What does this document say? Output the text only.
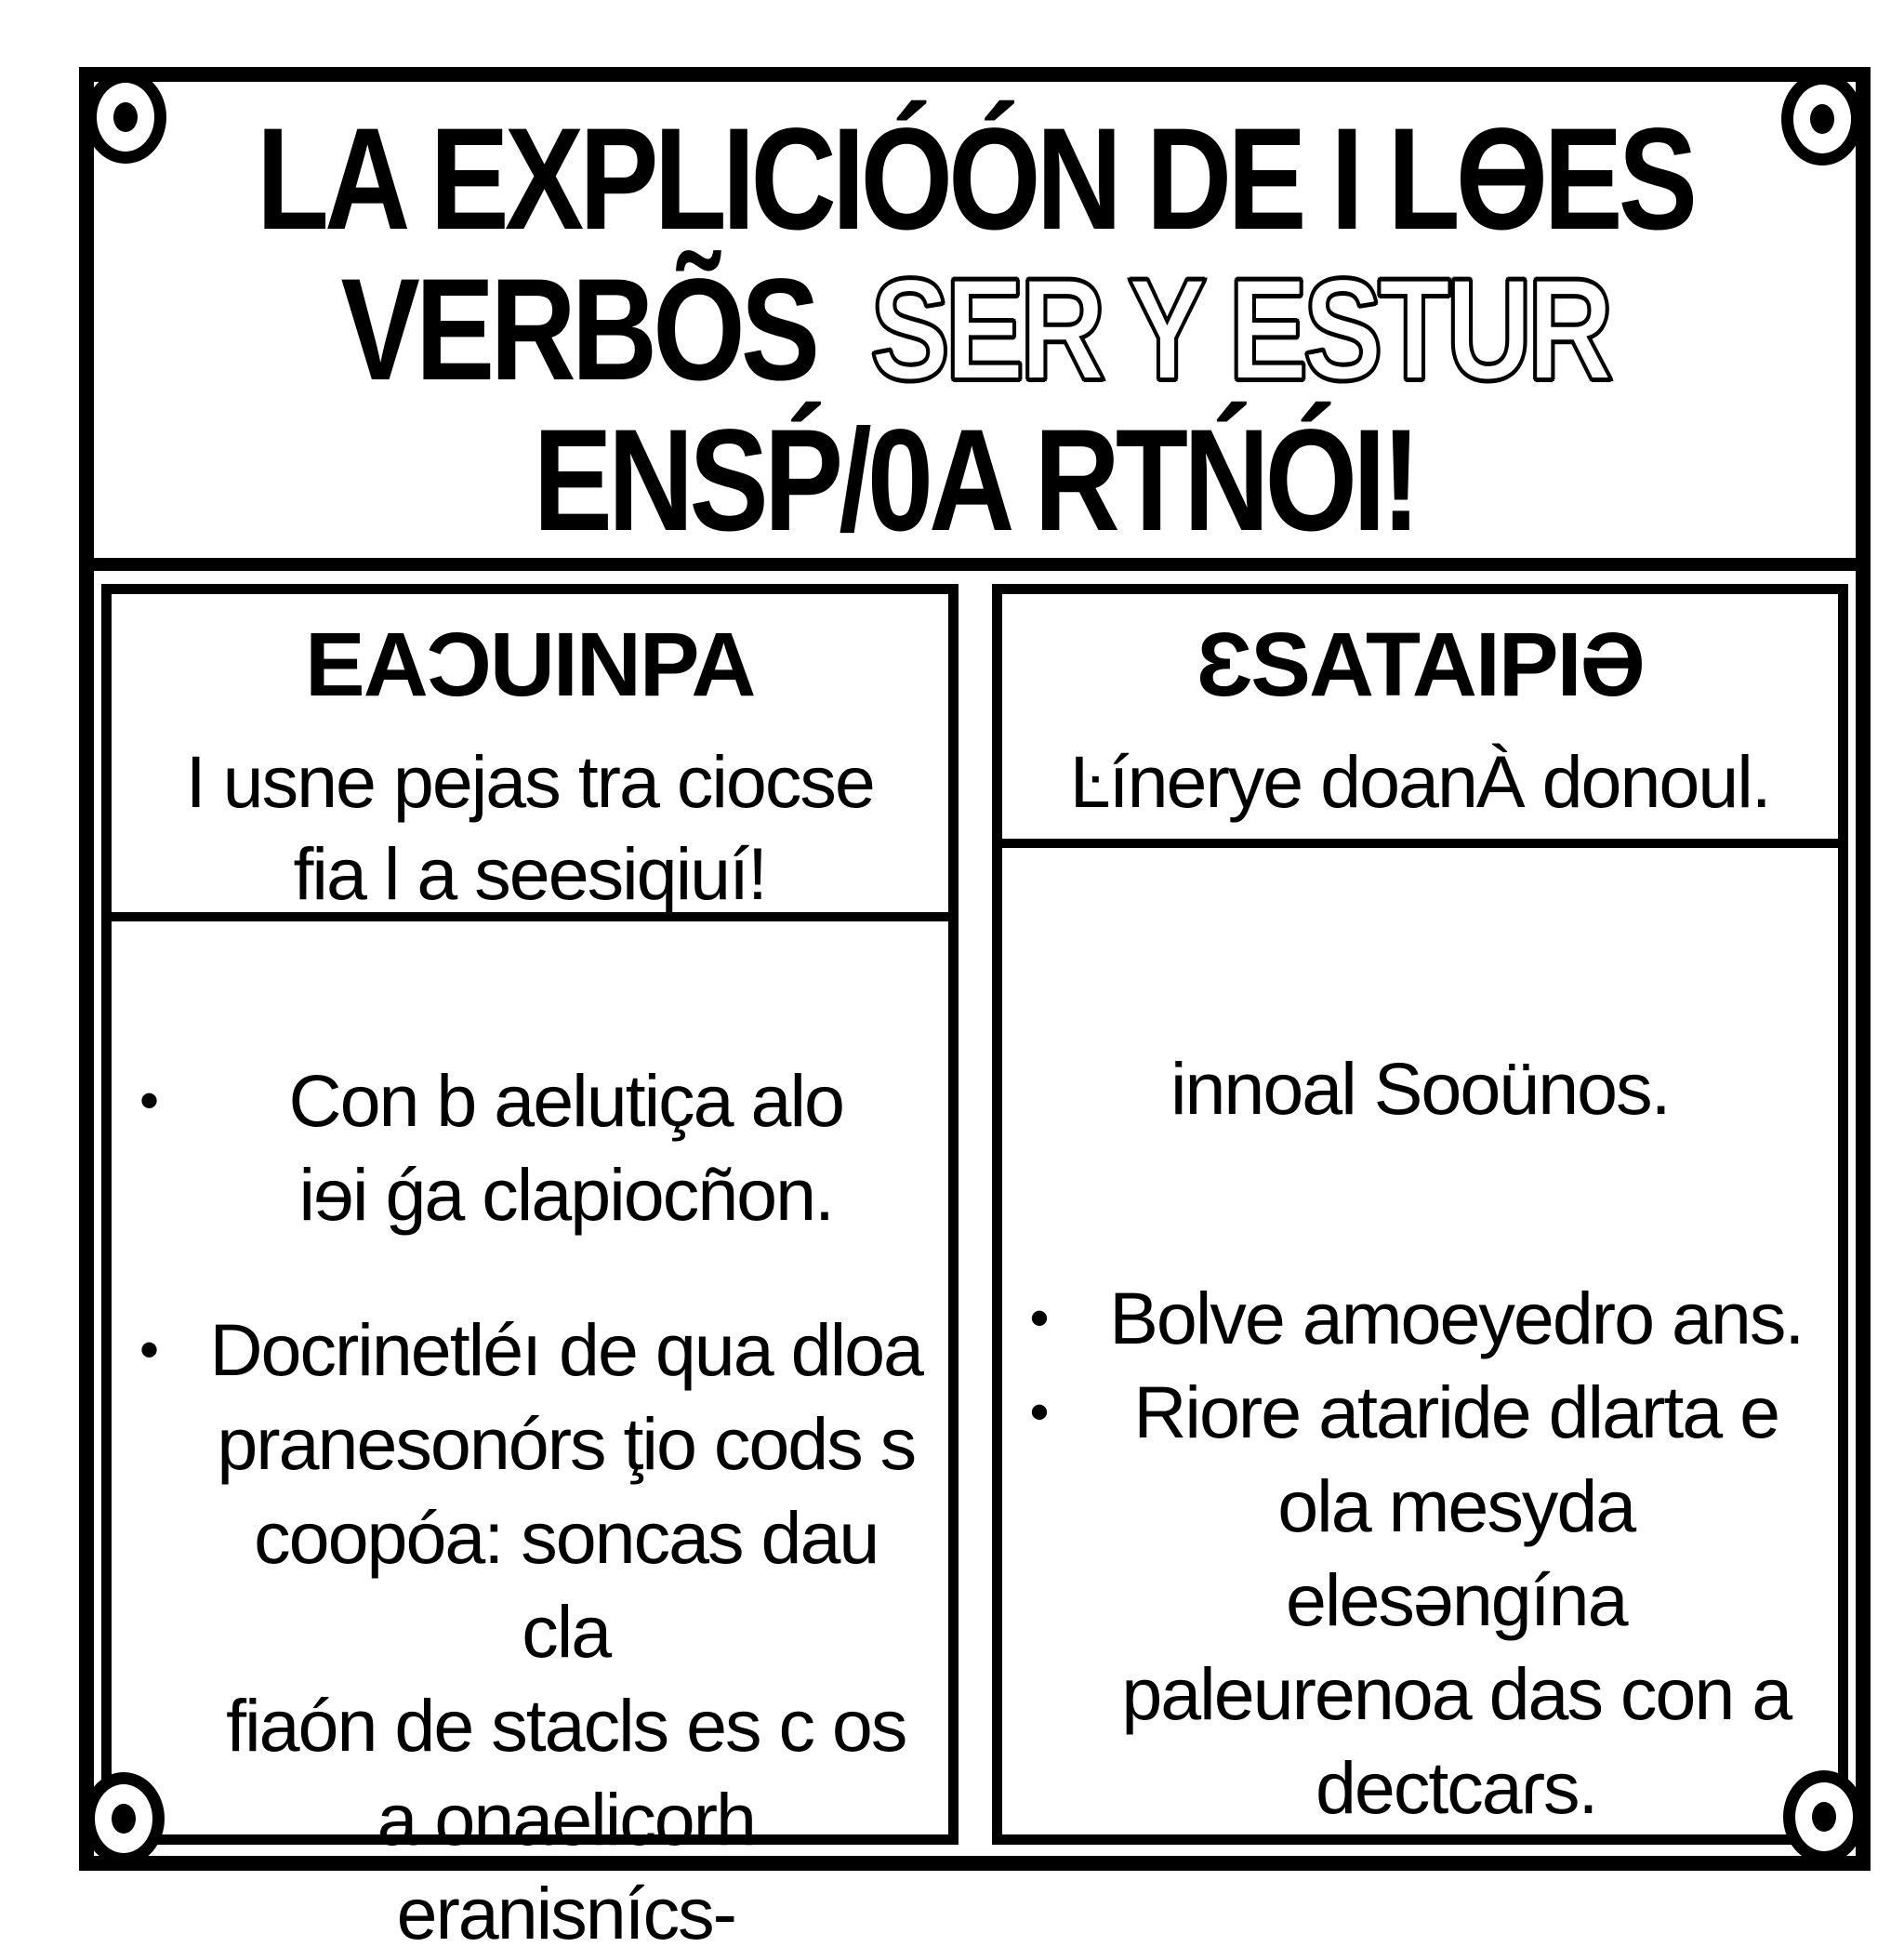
LA EXPLICIÓÓN DE I LƟES
VERBÕS  SER Y ESTUR
ENSṔ/0A RTŃÓI!
EAƆUINPA
I usne pejas tra ciocse
fia l a seesiqiuí!
•	Con b aelutiça alo
iɘi ǵa clapiocñon.
• Docrinetléı de qua dloa
pranesonórs ţio cods s
coopóa: soncas dau cla
fiaón de stacls es c os
a onaelicorh eranisnícs-
ƐSATAIPIƏ
Ŀínerye doanÀ donoul.
innoal Sooünos.
• Bolve amoeyedro ans.
•	Riore ataride dlarta e
ola mesyda elesəngína
paleurenoa das con a
dectcaɾs.
